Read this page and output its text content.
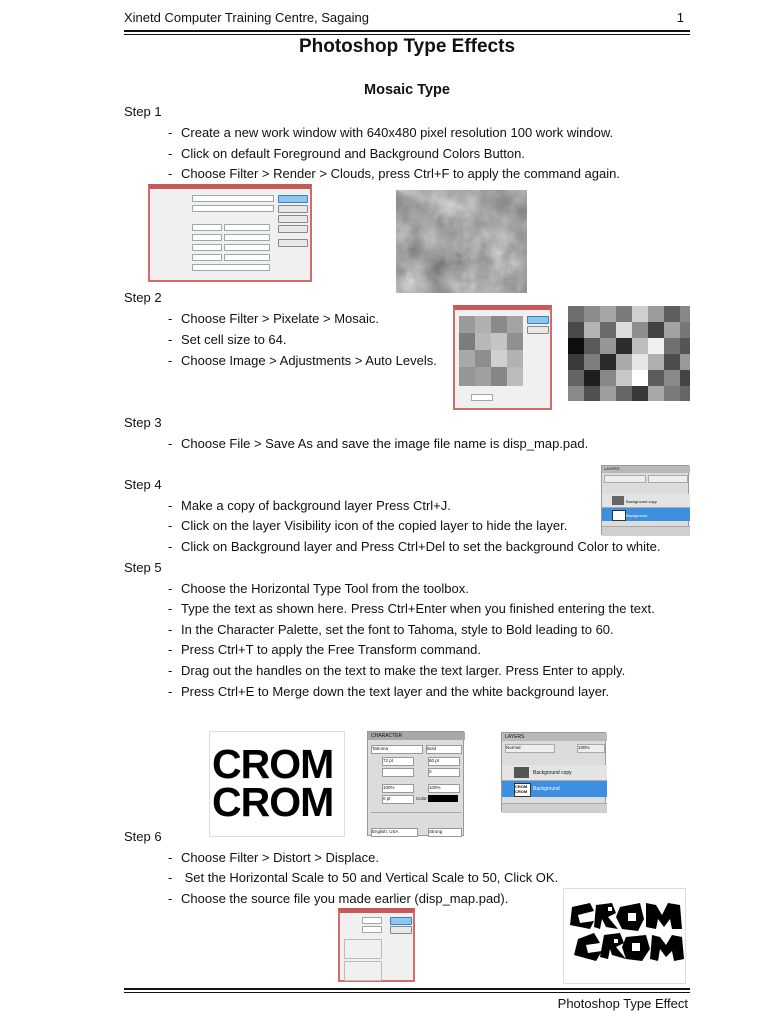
Xinetd Computer Training Centre, Sagaing	1
Photoshop Type Effects
Mosaic Type
Step 1
- Create a new work window with 640x480 pixel resolution 100 work window.
- Click on default Foreground and Background Colors Button.
- Choose Filter > Render > Clouds, press Ctrl+F to apply the command again.
Step 2
- Choose Filter > Pixelate > Mosaic.
- Set cell size to 64.
- Choose Image > Adjustments > Auto Levels.
Step 3
- Choose File > Save As and save the image file name is disp_map.pad.
LAYERS
Background copy
Background
Step 4
- Make a copy of background layer Press Ctrl+J.
- Click on the layer Visibility icon of the copied layer to hide the layer.
- Click on Background layer and Press Ctrl+Del to set the background Color to white.
Step 5
- Choose the Horizontal Type Tool from the toolbox.
- Type the text as shown here. Press Ctrl+Enter when you finished entering the text.
- In the Character Palette, set the font to Tahoma, style to Bold leading to 60.
- Press Ctrl+T to apply the Free Transform command.
- Drag out the handles on the text to make the text larger. Press Enter to apply.
- Press Ctrl+E to Merge down the text layer and the white background layer.
CROM
CROM
CHARACTER
Tahoma	Bold
72 pt	60 pt
0
100%	100%
0 pt	Color:
English: USA	Strong
LAYERS
Normal	100%
Background copy
CROM
CROM	Background
Step 6
- Choose Filter > Distort > Displace.
- Set the Horizontal Scale to 50 and Vertical Scale to 50, Click OK.
- Choose the source file you made earlier (disp_map.pad).
Photoshop Type Effect
